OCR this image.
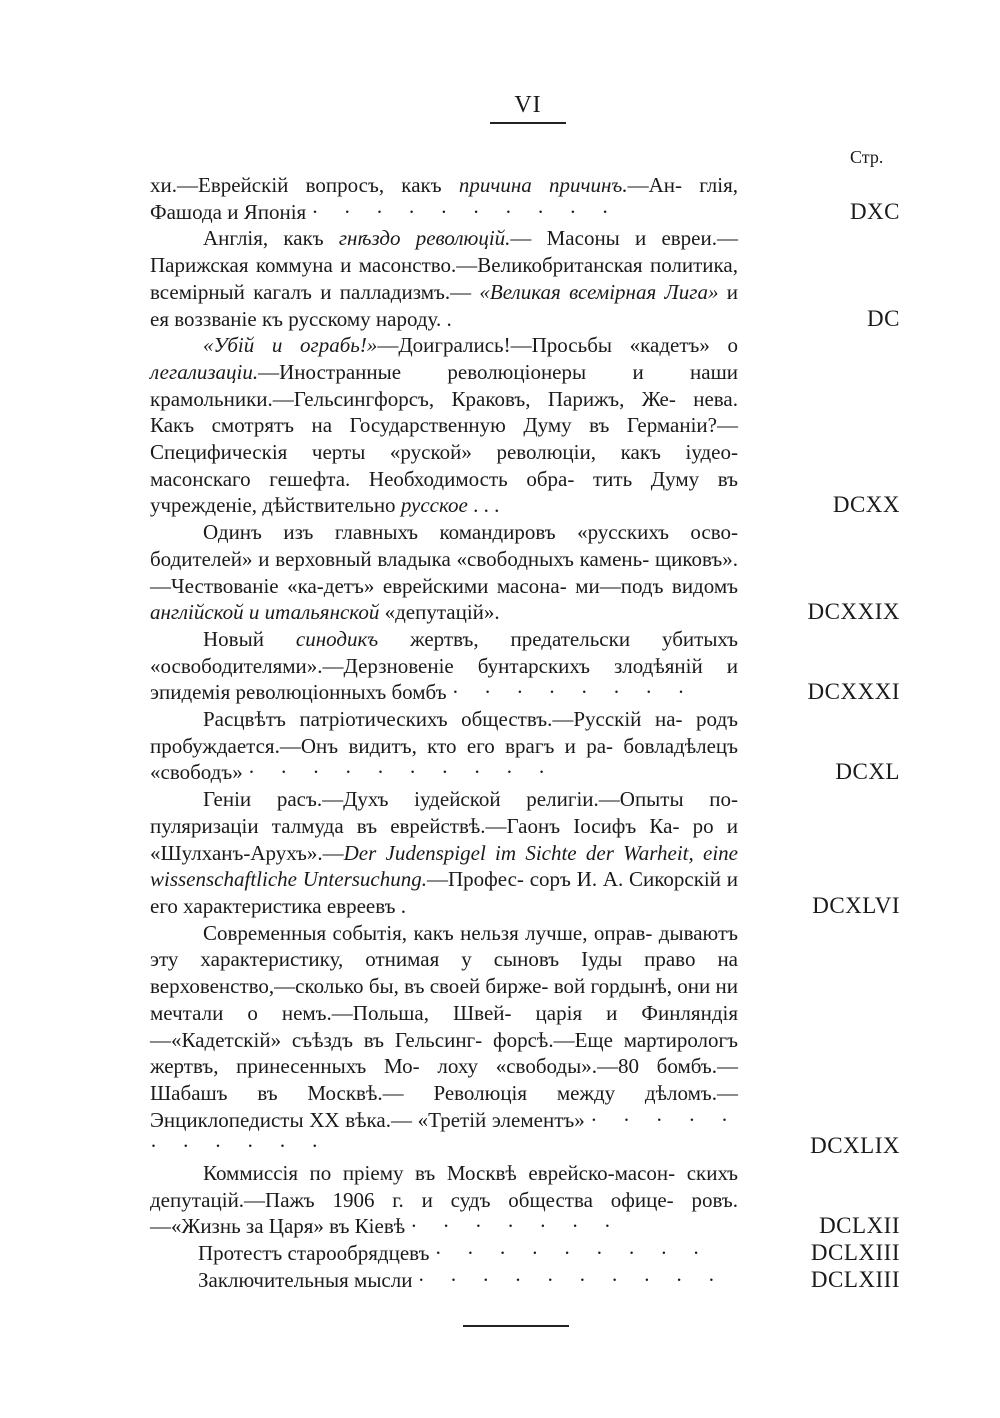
VI
Стр.
хи.—Еврейскій вопросъ, какъ причина причинъ.—Ан- глія, Фашода и Японія · · · · · · · · · ·	DXC
Англія, какъ гнѣздо революцій.— Масоны и евреи.— Парижская коммуна и масонство.—Великобританская политика, всемірный кагалъ и палладизмъ.— «Великая всемірная Лига» и ея воззваніе къ русскому народу. .	DC
«Убій и ограбь!»—Доигрались!—Просьбы «кадетъ» о легализаціи.—Иностранные революціонеры и наши крамольники.—Гельсингфорсъ, Краковъ, Парижъ, Же- нева. Какъ смотрятъ на Государственную Думу въ Германіи?—Специфическія черты «руской» революціи, какъ іудео-масонскаго гешефта. Необходимость обра- тить Думу въ учрежденіе, дѣйствительно русское . . .	DCXX
Одинъ изъ главныхъ командировъ «русскихъ осво- бодителей» и верховный владыка «свободныхъ камень- щиковъ».—Чествованіе «ка-детъ» еврейскими масона- ми—подъ видомъ англійской и итальянской «депутацій».	DCXXIX
Новый синодикъ жертвъ, предательски убитыхъ «освободителями».—Дерзновеніе бунтарскихъ злодѣяній и эпидемія революціонныхъ бомбъ · · · · · · · ·	DCXXXI
Расцвѣтъ патріотическихъ обществъ.—Русскій на- родъ пробуждается.—Онъ видитъ, кто его врагъ и ра- бовладѣлецъ «свободъ» · · · · · · · · · ·	DCXL
Геніи расъ.—Духъ іудейской религіи.—Опыты по- пуляризаціи талмуда въ еврействѣ.—Гаонъ Іосифъ Ка- ро и «Шулханъ-Арухъ».—Der Judenspigel im Sichte der Warheit, eine wissenschaftliche Untersuchung.—Профес- соръ И. А. Сикорскій и его характеристика евреевъ .	DCXLVI
Современныя событія, какъ нельзя лучше, оправ- дываютъ эту характеристику, отнимая у сыновъ Іуды право на верховенство,—сколько бы, въ своей бирже- вой гордынѣ, они ни мечтали о немъ.—Польша, Швей- царія и Финляндія —«Кадетскій» съѣздъ въ Гельсинг- форсѣ.—Еще мартирологъ жертвъ, принесенныхъ Мо- лоху «свободы».—80 бомбъ.— Шабашъ въ Москвѣ.— Революція между дѣломъ.—Энциклопедисты XX вѣка.— «Третій элементъ» · · · · · · · · · · ·	DCXLIX
Коммиссія по пріему въ Москвѣ еврейско-масон- скихъ депутацій.—Пажъ 1906 г. и судъ общества офице- ровъ.—«Жизнь за Царя» въ Кіевѣ · · · · · · ·	DCLXII
Протестъ старообрядцевъ · · · · · · · · ·	DCLXIII
Заключительныя мысли · · · · · · · · · ·	DCLXIII
